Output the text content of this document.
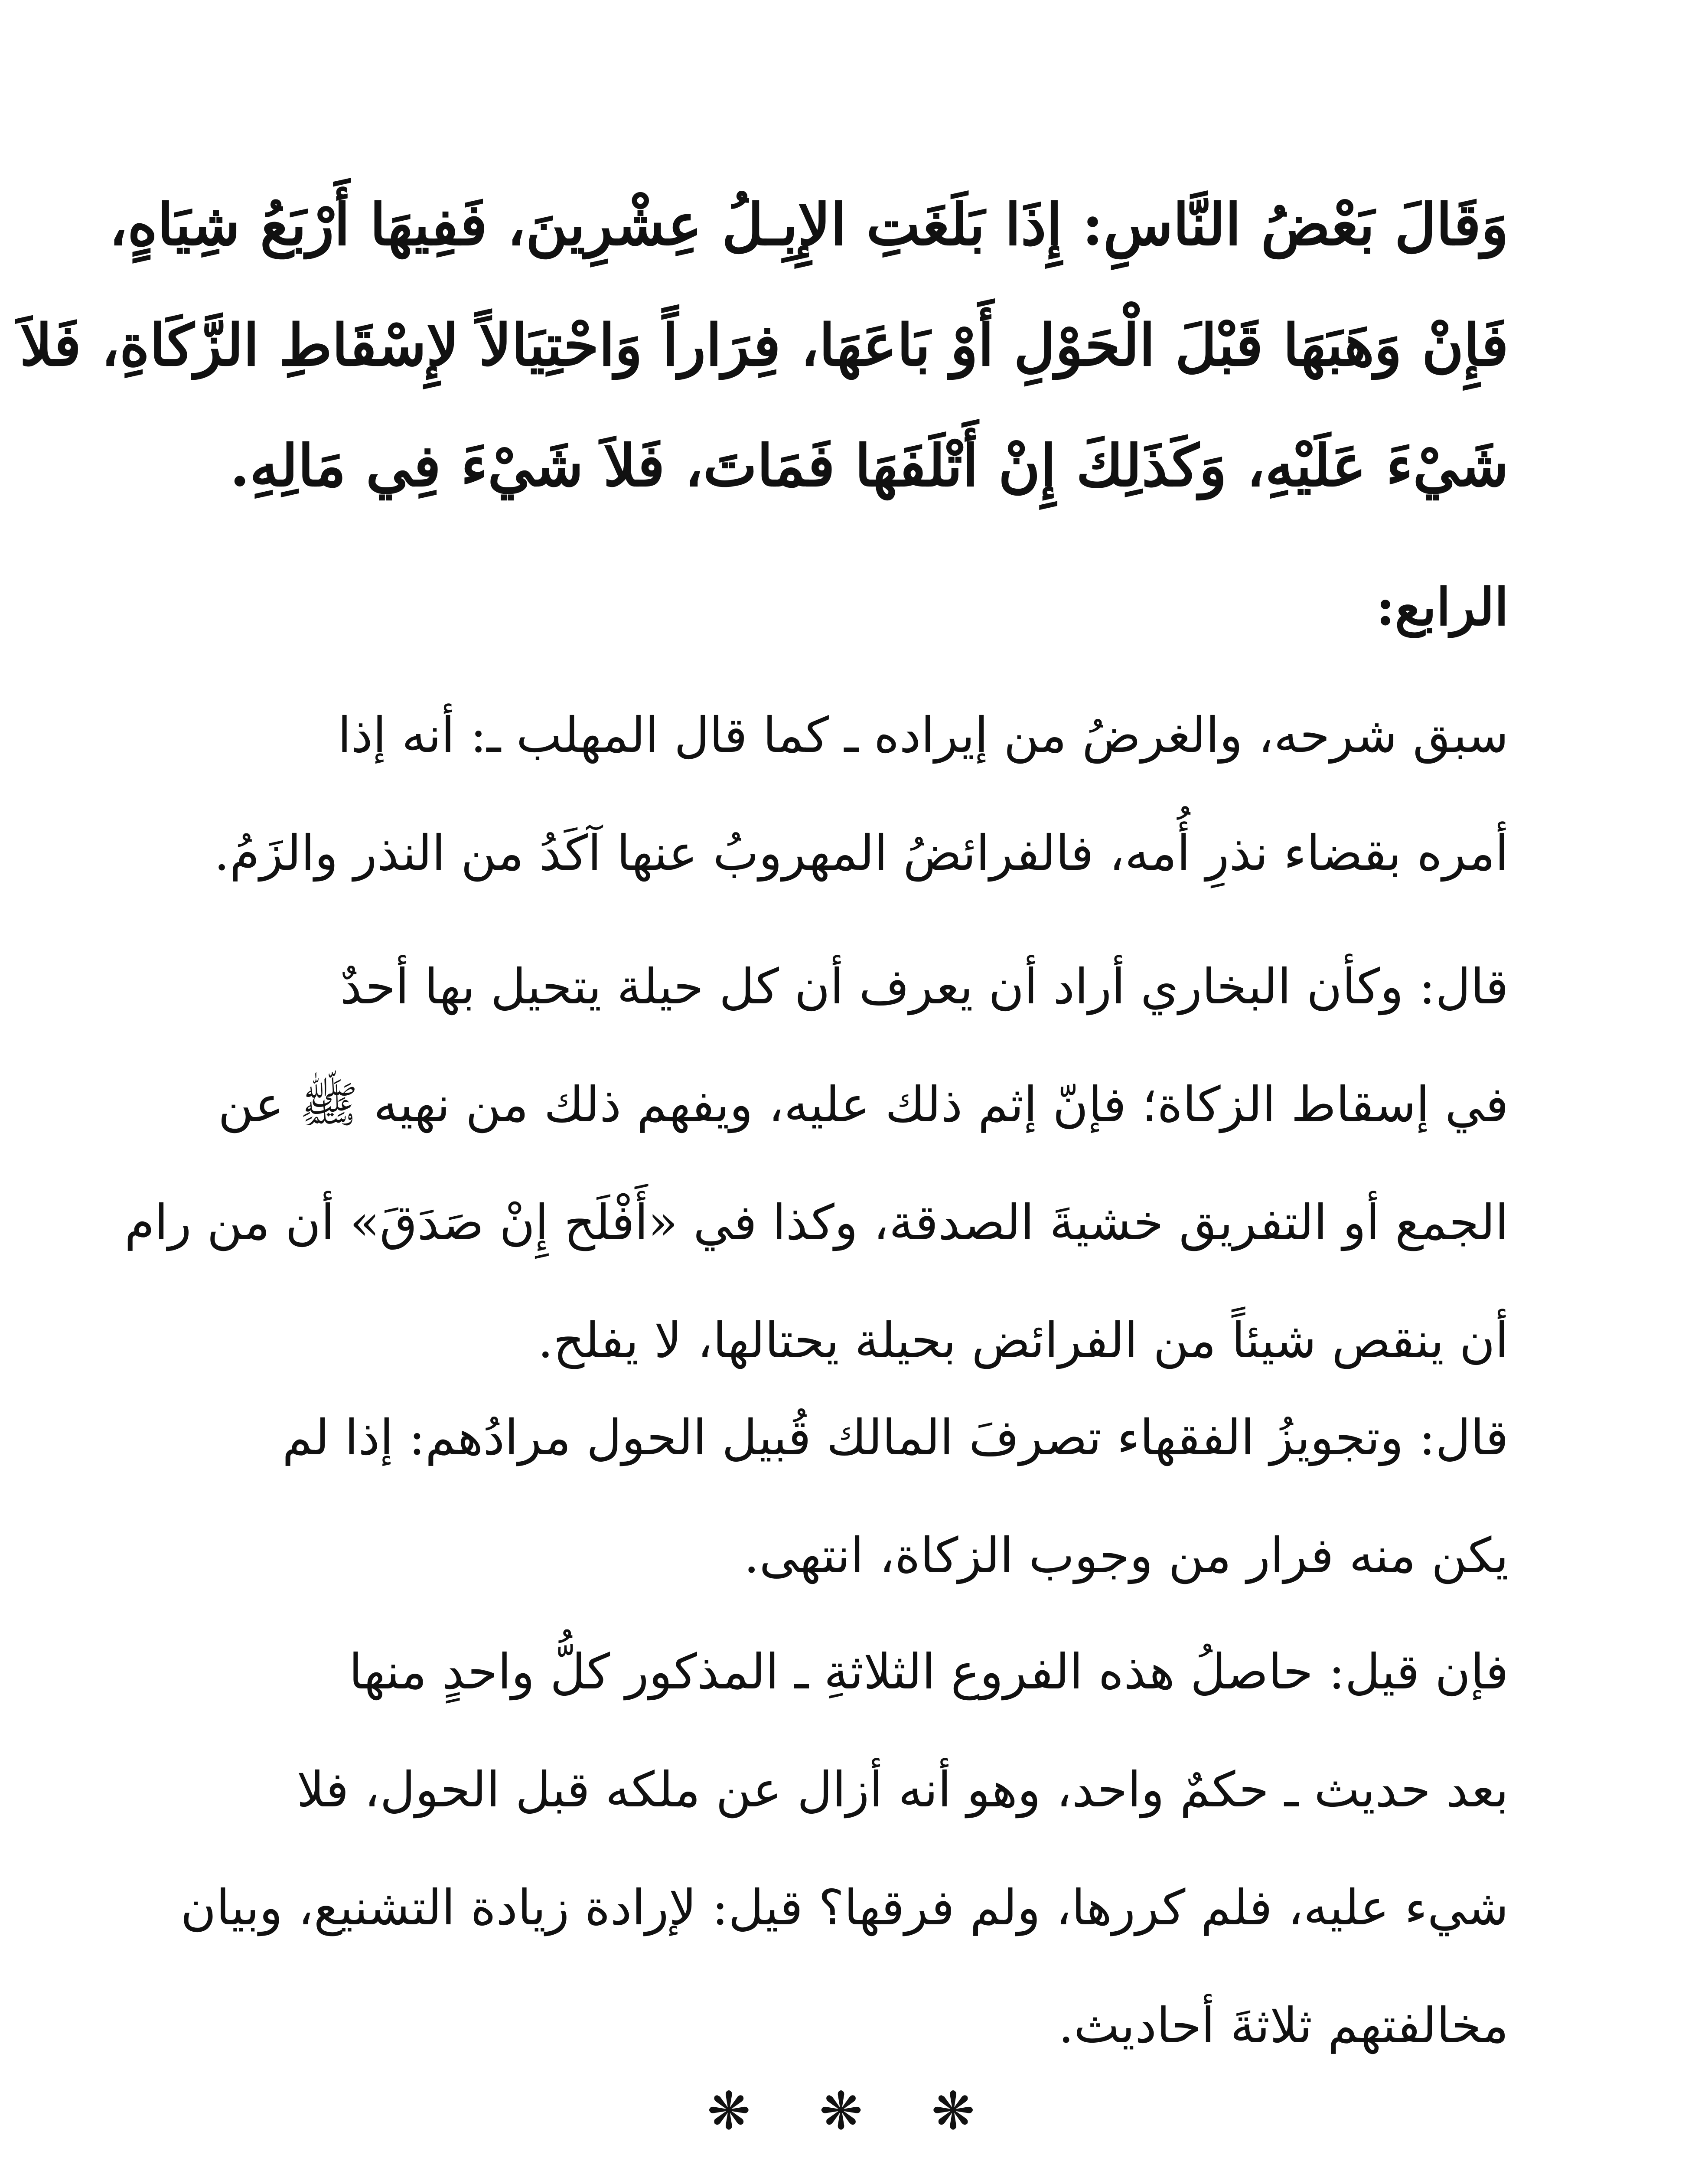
وَقَالَ بَعْضُ النَّاسِ: إِذَا بَلَغَتِ الإِبِـلُ عِشْرِينَ، فَفِيهَا أَرْبَعُ شِيَاهٍ،
فَإِنْ وَهَبَهَا قَبْلَ الْحَوْلِ أَوْ بَاعَهَا، فِرَاراً وَاحْتِيَالاً لإِسْقَاطِ الزَّكَاةِ، فَلاَ
شَيْءَ عَلَيْهِ، وَكَذَلِكَ إِنْ أَتْلَفَهَا فَمَاتَ، فَلاَ شَيْءَ فِي مَالِهِ.
الرابع:
سبق شرحه، والغرضُ من إيراده ـ كما قال المهلب ـ: أنه إذا
أمره بقضاء نذرِ أُمه، فالفرائضُ المهروبُ عنها آكَدُ من النذر والزَمُ.
قال: وكأن البخاري أراد أن يعرف أن كل حيلة يتحيل بها أحدٌ
في إسقاط الزكاة؛ فإنّ إثم ذلك عليه، ويفهم ذلك من نهيه ﷺ عن
الجمع أو التفريق خشيةَ الصدقة، وكذا في «أَفْلَح إِنْ صَدَقَ» أن من رام
أن ينقص شيئاً من الفرائض بحيلة يحتالها، لا يفلح.
قال: وتجويزُ الفقهاء تصرفَ المالك قُبيل الحول مرادُهم: إذا لم
يكن منه فرار من وجوب الزكاة، انتهى.
فإن قيل: حاصلُ هذه الفروع الثلاثةِ ـ المذكور كلُّ واحدٍ منها
بعد حديث ـ حكمٌ واحد، وهو أنه أزال عن ملكه قبل الحول، فلا
شيء عليه، فلم كررها، ولم فرقها؟ قيل: لإرادة زيادة التشنيع، وبيان
مخالفتهم ثلاثةَ أحاديث.
❋ ❋ ❋
